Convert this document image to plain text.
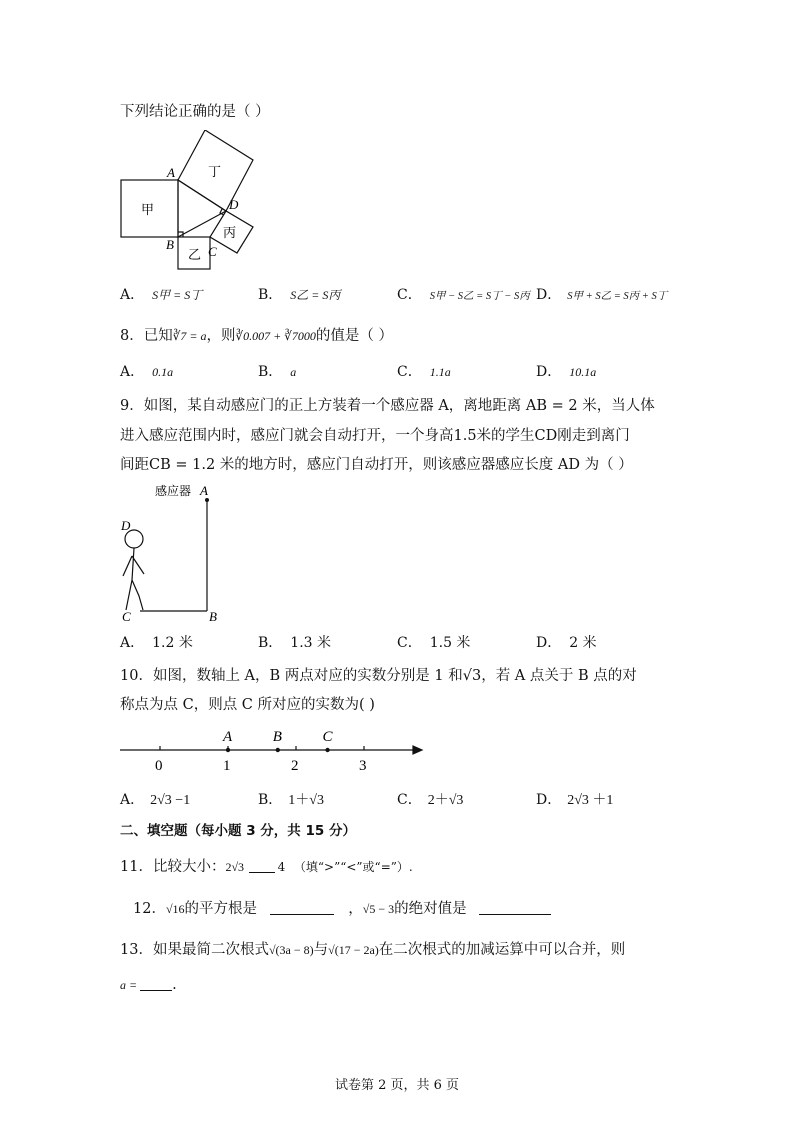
下列结论正确的是（ ）
甲
丁
丙
乙
A
B	C
D
A． S甲 = S丁	B． S乙 = S丙	C． S甲 − S乙 = S丁 − S丙 D． S甲 + S乙 = S丙 + S丁
8．已知∛7 = a，则∛0.007 + ∛7000的值是（ ）
A． 0.1a	B． a	C． 1.1a	D． 10.1a
9．如图，某自动感应门的正上方装着一个感应器 A，离地距离 AB = 2 米，当人体
进入感应范围内时，感应门就会自动打开，一个身高1.5米的学生CD刚走到离门
间距CB = 1.2 米的地方时，感应门自动打开，则该感应器感应长度 AD 为（ ）
感应器 A
B
C
D
A． 1.2 米	B． 1.3 米	C． 1.5 米	D． 2 米
10．如图，数轴上 A，B 两点对应的实数分别是 1 和√3，若 A 点关于 B 点的对
称点为点 C，则点 C 所对应的实数为( )
0	1	2	3
A	B	C
A． 2√3 −1	B． 1＋√3	C． 2＋√3	D． 2√3 ＋1
二、填空题（每小题 3 分，共 15 分）
11．比较大小：2√3	4 （填“>”“<”或“=”）.
12．√16的平方根是	，√5 − 3的绝对值是
13．如果最简二次根式√(3a − 8)与√(17 − 2a)在二次根式的加减运算中可以合并，则
a = .
试卷第 2 页，共 6 页
